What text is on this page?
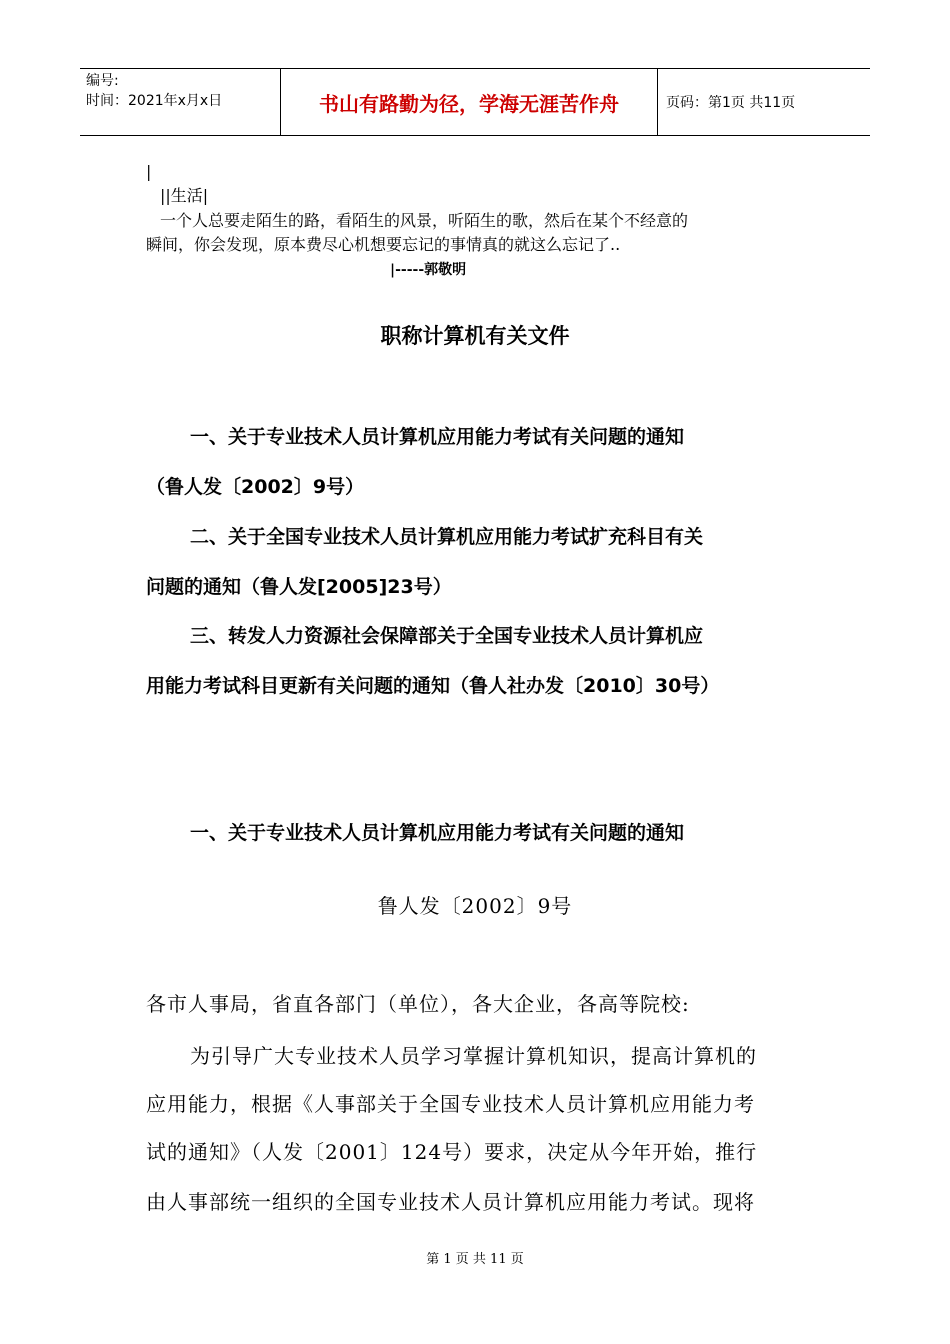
编号:
时间：2021年x月x日	书山有路勤为径，学海无涯苦作舟	页码：第1页 共11页
|
||生活|
一个人总要走陌生的路，看陌生的风景，听陌生的歌，然后在某个不经意的
瞬间，你会发现，原本费尽心机想要忘记的事情真的就这么忘记了..
|-----郭敬明
职称计算机有关文件
一、关于专业技术人员计算机应用能力考试有关问题的通知
（鲁人发〔2002〕9号）
二、关于全国专业技术人员计算机应用能力考试扩充科目有关
问题的通知（鲁人发[2005]23号）
三、转发人力资源社会保障部关于全国专业技术人员计算机应
用能力考试科目更新有关问题的通知（鲁人社办发〔2010〕30号）
一、关于专业技术人员计算机应用能力考试有关问题的通知
鲁人发〔2002〕9号
各市人事局，省直各部门（单位），各大企业，各高等院校:
为引导广大专业技术人员学习掌握计算机知识，提高计算机的
应用能力，根据《人事部关于全国专业技术人员计算机应用能力考
试的通知》（人发〔2001〕124号）要求，决定从今年开始，推行
由人事部统一组织的全国专业技术人员计算机应用能力考试。现将
第 1 页 共 11 页
